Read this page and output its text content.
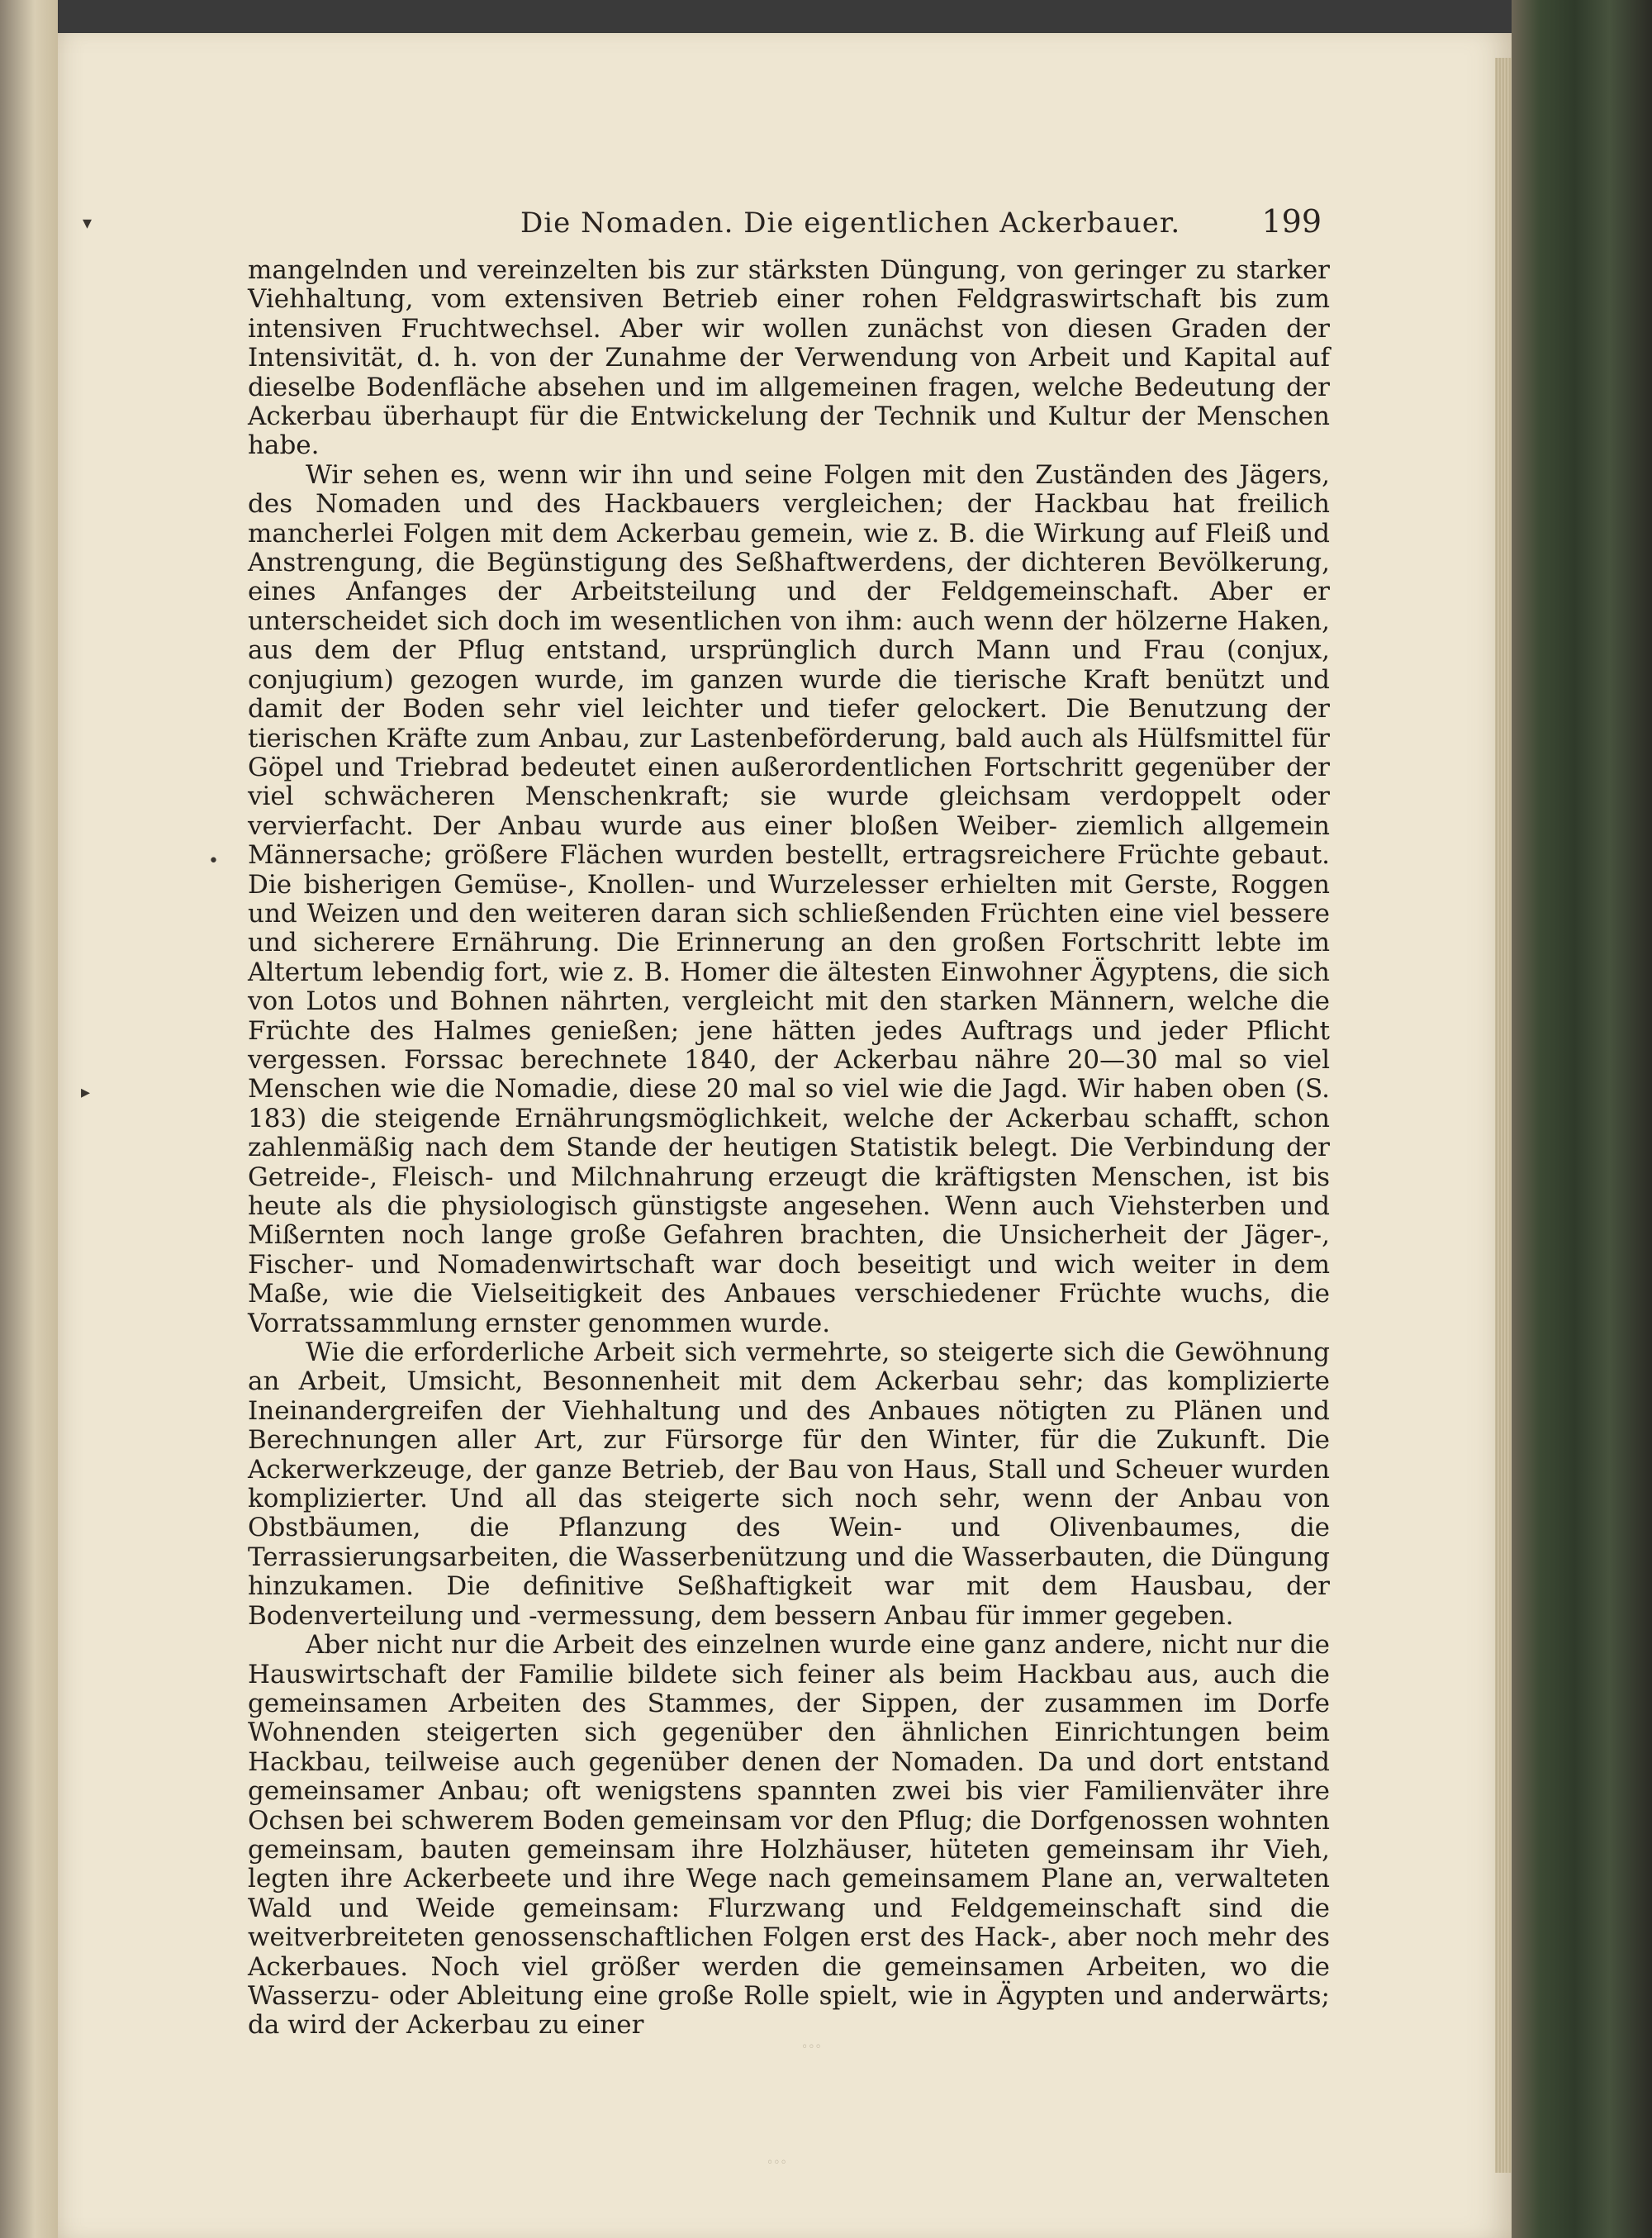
Die Nomaden. Die eigentlichen Ackerbauer.	199

mangelnden und vereinzelten bis zur stärksten Düngung, von geringer zu starker Viehhaltung, vom extensiven Betrieb einer rohen Feldgraswirtschaft bis zum intensiven Fruchtwechsel. Aber wir wollen zunächst von diesen Graden der Intensivität, d. h. von der Zunahme der Verwendung von Arbeit und Kapital auf dieselbe Bodenfläche absehen und im allgemeinen fragen, welche Bedeutung der Ackerbau überhaupt für die Entwickelung der Technik und Kultur der Menschen habe.

Wir sehen es, wenn wir ihn und seine Folgen mit den Zuständen des Jägers, des Nomaden und des Hackbauers vergleichen; der Hackbau hat freilich mancherlei Folgen mit dem Ackerbau gemein, wie z. B. die Wirkung auf Fleiß und Anstrengung, die Begünstigung des Seßhaftwerdens, der dichteren Bevölkerung, eines Anfanges der Arbeitsteilung und der Feldgemeinschaft. Aber er unterscheidet sich doch im wesentlichen von ihm: auch wenn der hölzerne Haken, aus dem der Pflug entstand, ursprünglich durch Mann und Frau (conjux, conjugium) gezogen wurde, im ganzen wurde die tierische Kraft benützt und damit der Boden sehr viel leichter und tiefer gelockert. Die Benutzung der tierischen Kräfte zum Anbau, zur Lastenbeförderung, bald auch als Hülfsmittel für Göpel und Triebrad bedeutet einen außerordentlichen Fortschritt gegenüber der viel schwächeren Menschenkraft; sie wurde gleichsam verdoppelt oder vervierfacht. Der Anbau wurde aus einer bloßen Weiber- ziemlich allgemein Männersache; größere Flächen wurden bestellt, ertragsreichere Früchte gebaut. Die bisherigen Gemüse-, Knollen- und Wurzelesser erhielten mit Gerste, Roggen und Weizen und den weiteren daran sich schließenden Früchten eine viel bessere und sicherere Ernährung. Die Erinnerung an den großen Fortschritt lebte im Altertum lebendig fort, wie z. B. Homer die ältesten Einwohner Ägyptens, die sich von Lotos und Bohnen nährten, vergleicht mit den starken Männern, welche die Früchte des Halmes genießen; jene hätten jedes Auftrags und jeder Pflicht vergessen. Forssac berechnete 1840, der Ackerbau nähre 20—30 mal so viel Menschen wie die Nomadie, diese 20 mal so viel wie die Jagd. Wir haben oben (S. 183) die steigende Ernährungsmöglichkeit, welche der Ackerbau schafft, schon zahlenmäßig nach dem Stande der heutigen Statistik belegt. Die Verbindung der Getreide-, Fleisch- und Milchnahrung erzeugt die kräftigsten Menschen, ist bis heute als die physiologisch günstigste angesehen. Wenn auch Viehsterben und Mißernten noch lange große Gefahren brachten, die Unsicherheit der Jäger-, Fischer- und Nomadenwirtschaft war doch beseitigt und wich weiter in dem Maße, wie die Vielseitigkeit des Anbaues verschiedener Früchte wuchs, die Vorratssammlung ernster genommen wurde.

Wie die erforderliche Arbeit sich vermehrte, so steigerte sich die Gewöhnung an Arbeit, Umsicht, Besonnenheit mit dem Ackerbau sehr; das komplizierte Ineinandergreifen der Viehhaltung und des Anbaues nötigten zu Plänen und Berechnungen aller Art, zur Fürsorge für den Winter, für die Zukunft. Die Ackerwerkzeuge, der ganze Betrieb, der Bau von Haus, Stall und Scheuer wurden komplizierter. Und all das steigerte sich noch sehr, wenn der Anbau von Obstbäumen, die Pflanzung des Wein- und Olivenbaumes, die Terrassierungsarbeiten, die Wasserbenützung und die Wasserbauten, die Düngung hinzukamen. Die definitive Seßhaftigkeit war mit dem Hausbau, der Bodenverteilung und -vermessung, dem bessern Anbau für immer gegeben.

Aber nicht nur die Arbeit des einzelnen wurde eine ganz andere, nicht nur die Hauswirtschaft der Familie bildete sich feiner als beim Hackbau aus, auch die gemeinsamen Arbeiten des Stammes, der Sippen, der zusammen im Dorfe Wohnenden steigerten sich gegenüber den ähnlichen Einrichtungen beim Hackbau, teilweise auch gegenüber denen der Nomaden. Da und dort entstand gemeinsamer Anbau; oft wenigstens spannten zwei bis vier Familienväter ihre Ochsen bei schwerem Boden gemeinsam vor den Pflug; die Dorfgenossen wohnten gemeinsam, bauten gemeinsam ihre Holzhäuser, hüteten gemeinsam ihr Vieh, legten ihre Ackerbeete und ihre Wege nach gemeinsamem Plane an, verwalteten Wald und Weide gemeinsam: Flurzwang und Feldgemeinschaft sind die weitverbreiteten genossenschaftlichen Folgen erst des Hack-, aber noch mehr des Ackerbaues. Noch viel größer werden die gemeinsamen Arbeiten, wo die Wasserzu- oder Ableitung eine große Rolle spielt, wie in Ägypten und anderwärts; da wird der Ackerbau zu einer

▾
▸
•
◦◦◦
◦◦◦
